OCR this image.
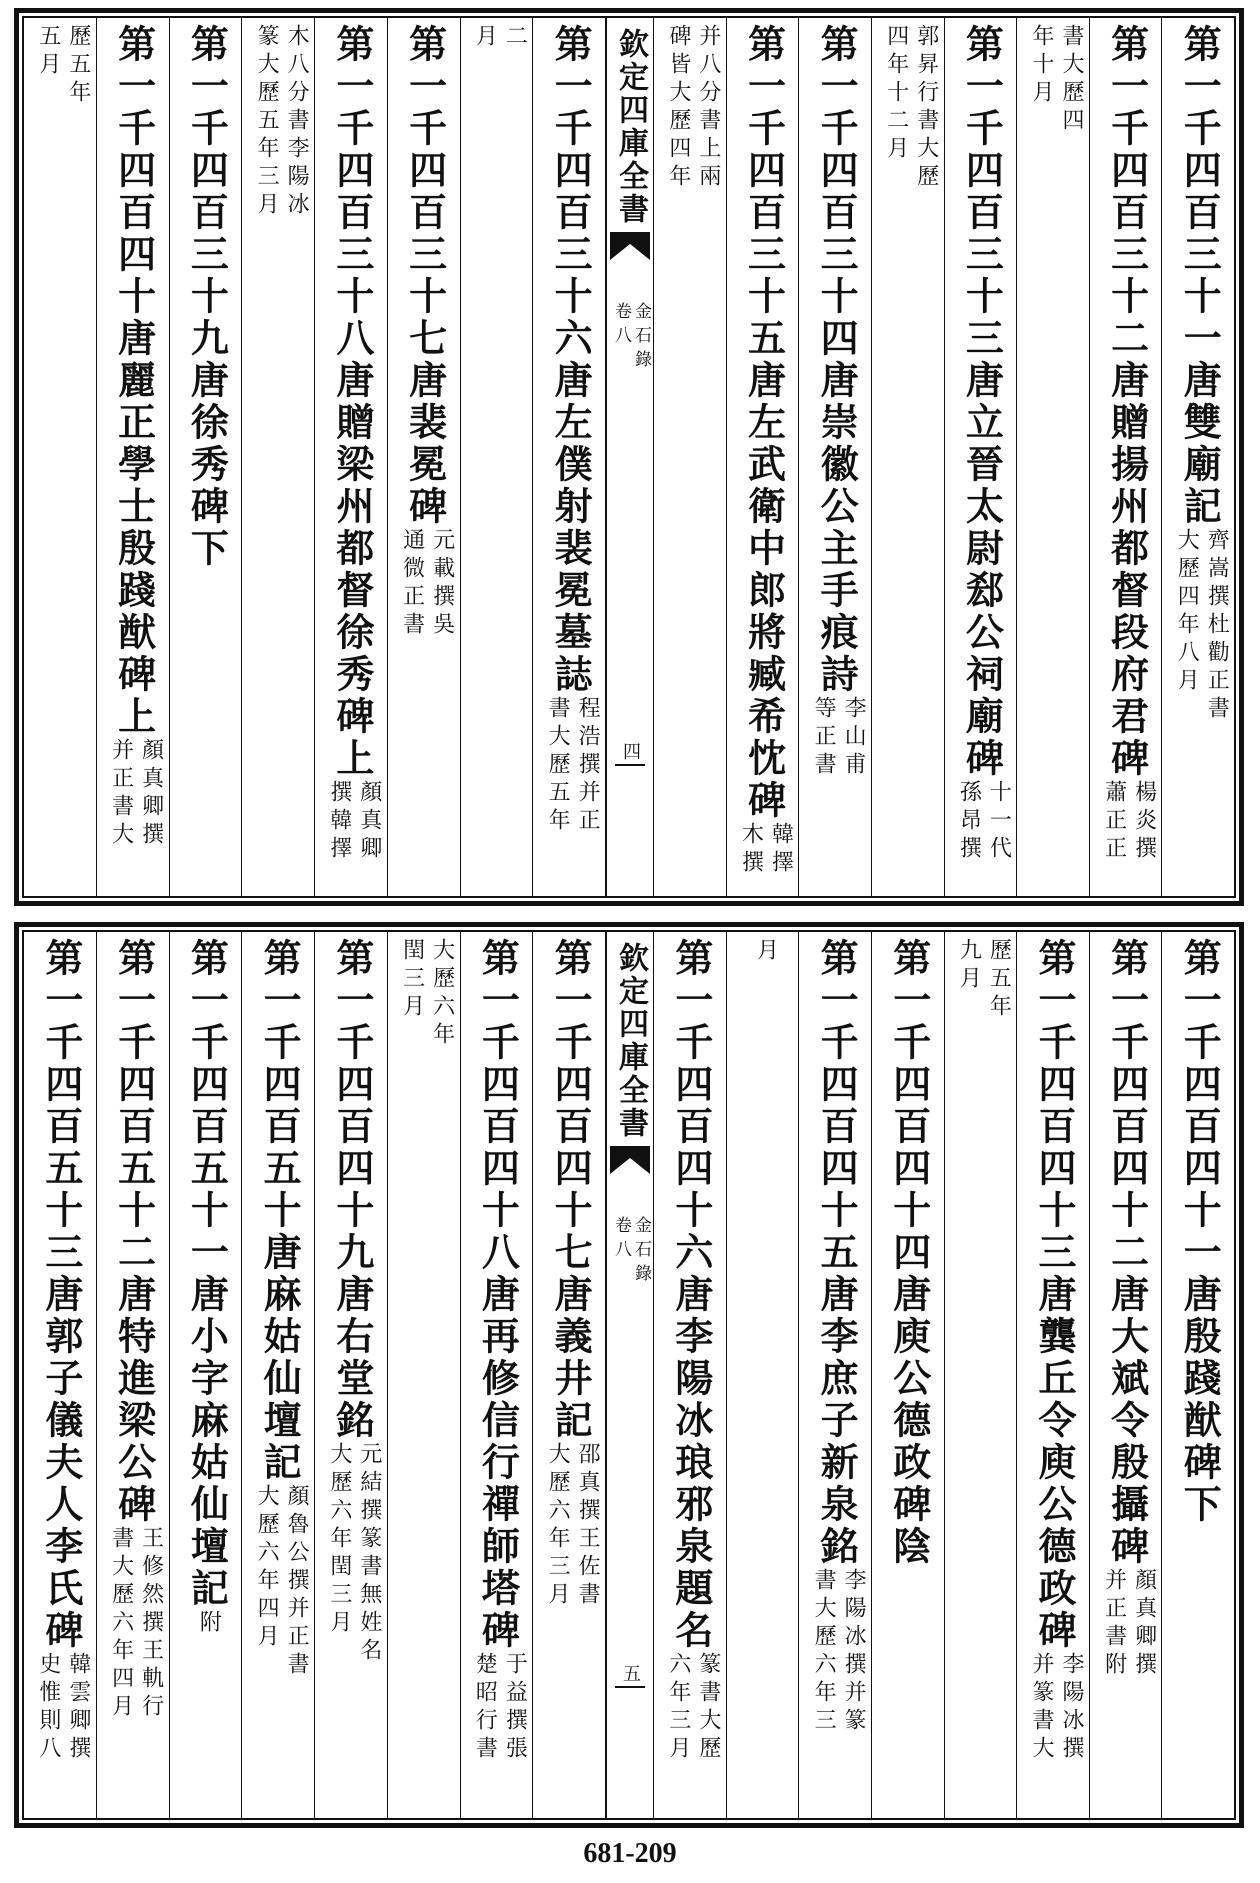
第一千四百三十一唐雙廟記
齊嵩撰杜勸正書
大歷四年八月
第一千四百三十二唐贈揚州都督段府君碑
楊炎撰
蕭正正
書大歷四
年十月
第一千四百三十三唐立晉太尉郄公祠廟碑
十一代
孫昂撰
郭昇行書大歷
四年十二月
第一千四百三十四唐崇徽公主手痕詩
李山甫
等正書
第一千四百三十五唐左武衛中郎將臧希忱碑
韓擇
木撰
并八分書上兩
碑皆大歷四年
欽定四庫全書
金石錄
卷八
四
第一千四百三十六唐左僕射裴冕墓誌
程浩撰并正
書大歷五年
二
月
第一千四百三十七唐裴冕碑
元載撰吳
通微正書
第一千四百三十八唐贈梁州都督徐秀碑上
顏真卿
撰韓擇
木八分書李陽冰
篆大歷五年三月
第一千四百三十九唐徐秀碑下
第一千四百四十唐麗正學士殷踐猷碑上
顏真卿撰
并正書大
歷五年
五月
第一千四百四十一唐殷踐猷碑下
第一千四百四十二唐大斌令殷攝碑
顏真卿撰
并正書附
第一千四百四十三唐龔丘令庾公德政碑
李陽冰撰
并篆書大
歷五年
九月
第一千四百四十四唐庾公德政碑陰
第一千四百四十五唐李庶子新泉銘
李陽冰撰并篆
書大歷六年三
月
第一千四百四十六唐李陽冰琅邪泉題名
篆書大歷
六年三月
欽定四庫全書
金石錄
卷八
五
第一千四百四十七唐義井記
邵真撰王佐書
大歷六年三月
第一千四百四十八唐再修信行禪師塔碑
于益撰張
楚昭行書
大歷六年
閏三月
第一千四百四十九唐右堂銘
元結撰篆書無姓名
大歷六年閏三月
第一千四百五十唐麻姑仙壇記
顏魯公撰并正書
大歷六年四月
第一千四百五十一唐小字麻姑仙壇記
附
第一千四百五十二唐特進梁公碑
王修然撰王軌行
書大歷六年四月
第一千四百五十三唐郭子儀夫人李氏碑
韓雲卿撰
史惟則八
681-209
